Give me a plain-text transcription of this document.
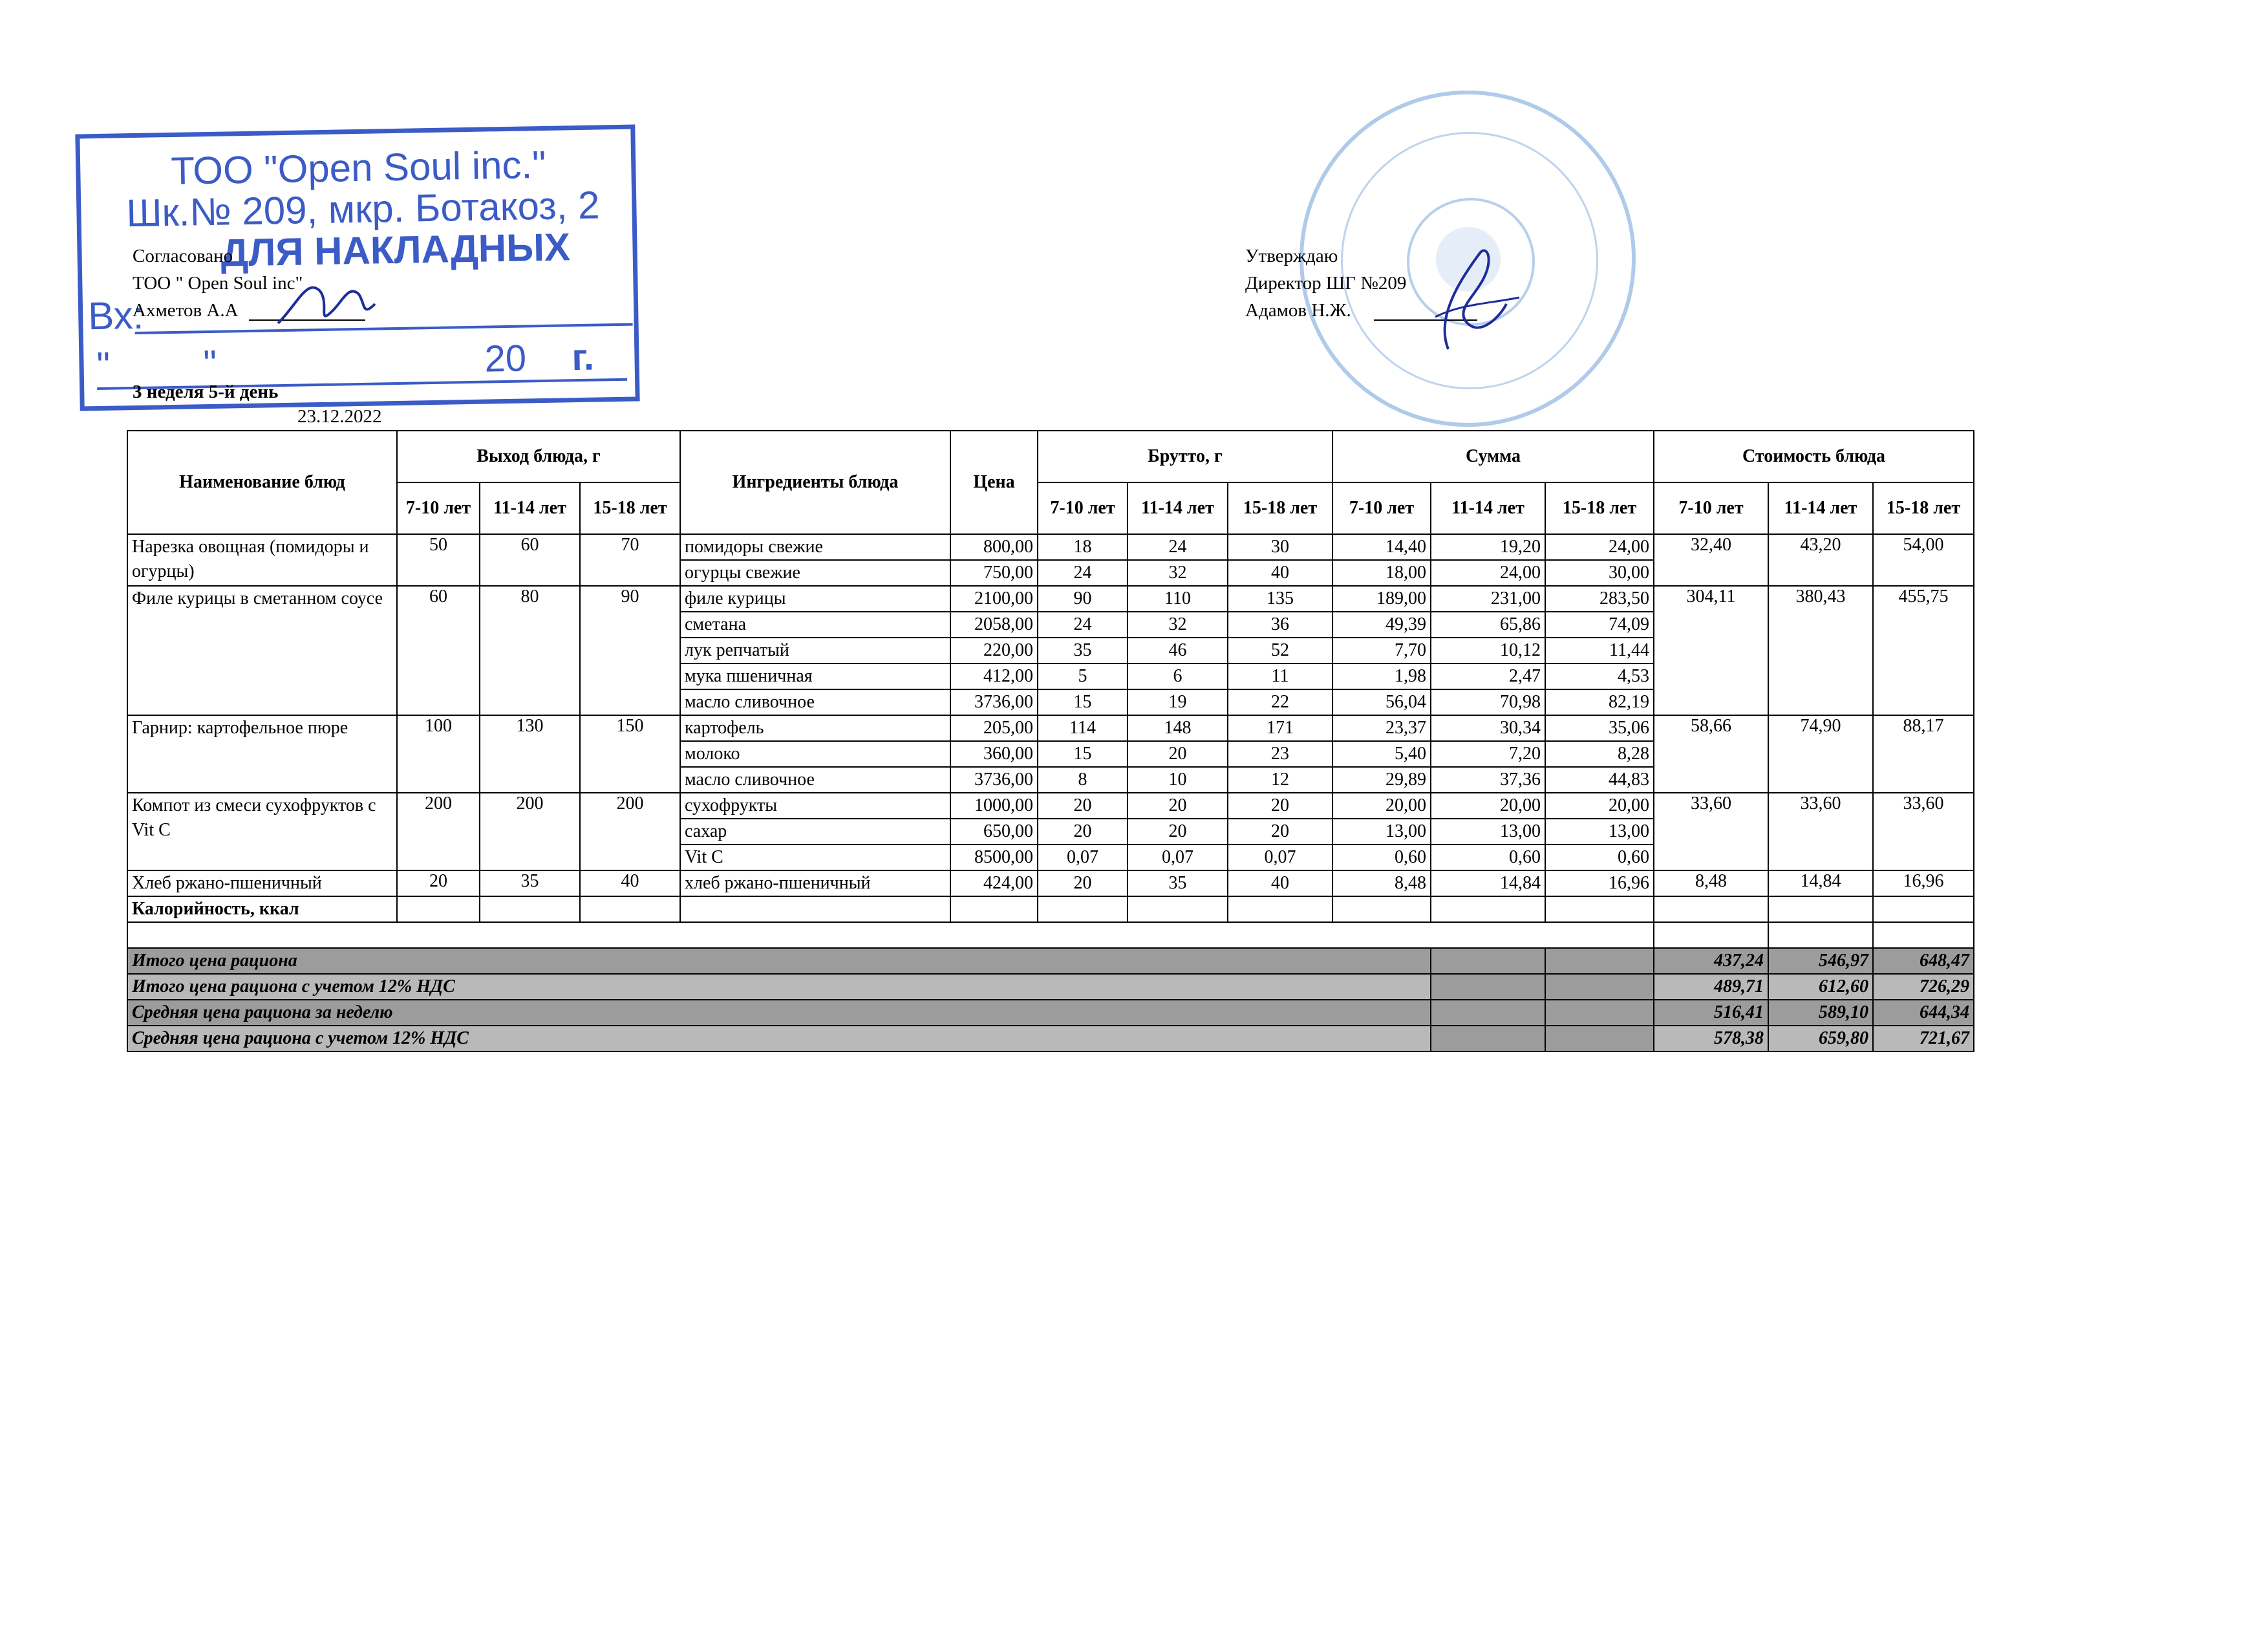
ТОО "Open Soul inc."
Шк.№ 209, мкр. Ботакоз, 2
ДЛЯ НАКЛАДНЫХ
Вх:
" "	20 г.
Согласовано
ТОО " Open Soul inc"
Ахметов А.А
3 неделя 5-й день
23.12.2022
Утверждаю
Директор ШГ №209
Адамов Н.Ж.
Наименование блюд	Выход блюда, г			Ингредиенты блюда	Цена	Брутто, г			Сумма			Стоимость блюда		
	7-10 лет	11-14 лет	15-18 лет			7-10 лет	11-14 лет	15-18 лет	7-10 лет	11-14 лет	15-18 лет	7-10 лет	11-14 лет	15-18 лет
Нарезка овощная (помидоры и огурцы)	50	60	70	помидоры свежие	800,00	18	24	30	14,40	19,20	24,00	32,40	43,20	54,00
				огурцы свежие	750,00	24	32	40	18,00	24,00	30,00			
Филе курицы в сметанном соусе	60	80	90	филе курицы	2100,00	90	110	135	189,00	231,00	283,50	304,11	380,43	455,75
				сметана	2058,00	24	32	36	49,39	65,86	74,09			
				лук репчатый	220,00	35	46	52	7,70	10,12	11,44			
				мука пшеничная	412,00	5	6	11	1,98	2,47	4,53			
				масло сливочное	3736,00	15	19	22	56,04	70,98	82,19			
Гарнир: картофельное пюре	100	130	150	картофель	205,00	114	148	171	23,37	30,34	35,06	58,66	74,90	88,17
				молоко	360,00	15	20	23	5,40	7,20	8,28			
				масло сливочное	3736,00	8	10	12	29,89	37,36	44,83			
Компот из смеси сухофруктов с Vit C	200	200	200	сухофрукты	1000,00	20	20	20	20,00	20,00	20,00	33,60	33,60	33,60
				сахар	650,00	20	20	20	13,00	13,00	13,00			
				Vit C	8500,00	0,07	0,07	0,07	0,60	0,60	0,60			
Хлеб ржано-пшеничный	20	35	40	хлеб ржано-пшеничный	424,00	20	35	40	8,48	14,84	16,96	8,48	14,84	16,96
Калорийность, ккал														

Итого цена рациона												437,24	546,97	648,47
Итого цена рациона с учетом 12% НДС												489,71	612,60	726,29
Средняя цена рациона за неделю												516,41	589,10	644,34
Средняя цена рациона с учетом 12% НДС												578,38	659,80	721,67
